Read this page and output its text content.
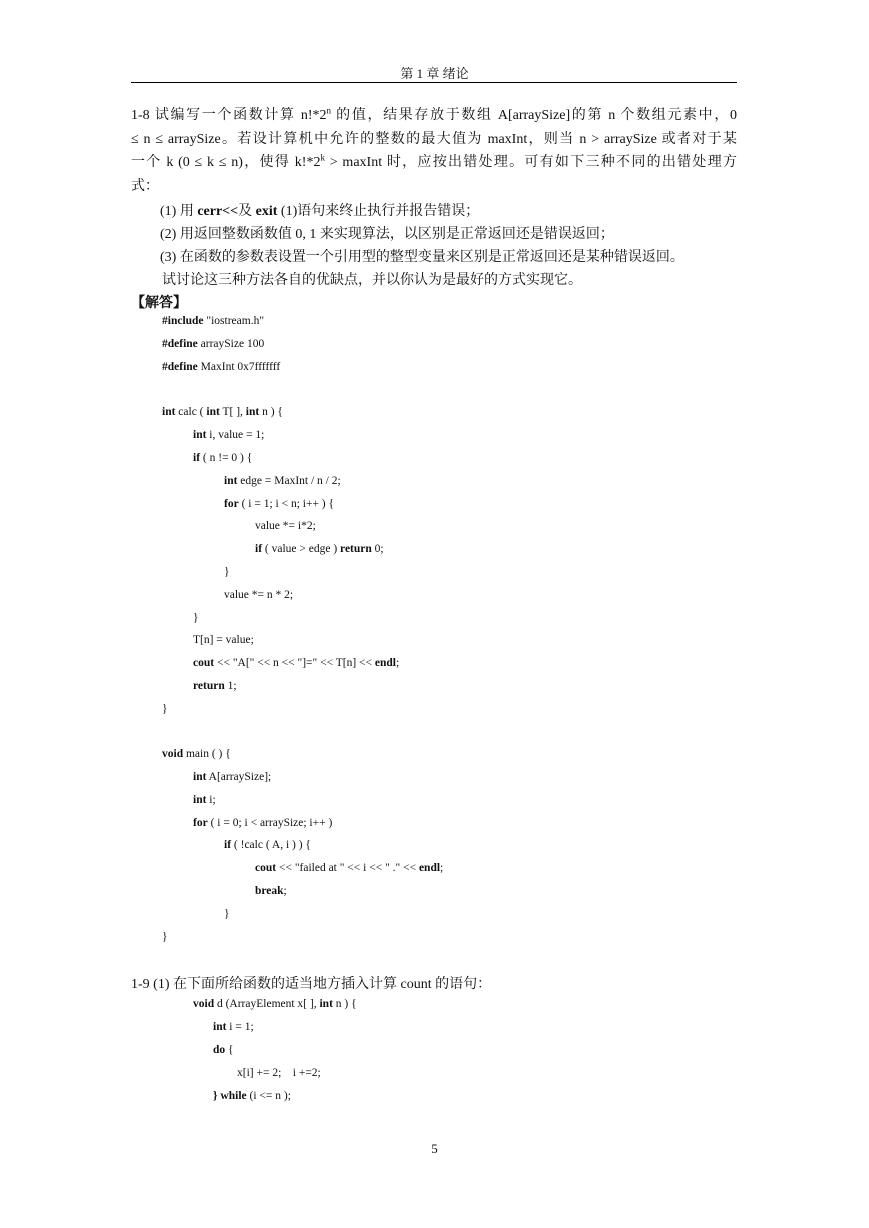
第 1 章 绪论
1-8 试编写一个函数计算 n!*2$^n$ 的值，结果存放于数组 A[arraySize]的第 n 个数组元素中，0
≤ n ≤ arraySize。若设计算机中允许的整数的最大值为 maxInt，则当 n > arraySize 或者对于某
一个 k (0 ≤ k ≤ n)，使得 $k!*2^k$ > maxInt 时，应按出错处理。可有如下三种不同的出错处理方
式：
(1) 用 cerr<<及 exit (1)语句来终止执行并报告错误；
(2) 用返回整数函数值 0, 1 来实现算法，以区别是正常返回还是错误返回；
(3) 在函数的参数表设置一个引用型的整型变量来区别是正常返回还是某种错误返回。
试讨论这三种方法各自的优缺点，并以你认为是最好的方式实现它。
【解答】
#include "iostream.h"
#define arraySize 100
#define MaxInt 0x7fffffff
int calc ( int T[ ], int n ) {
int i, value = 1;
if ( n != 0 ) {
int edge = MaxInt / n / 2;
for ( i = 1; i < n; i++ ) {
value *= i*2;
if ( value > edge ) return 0;
}
value *= n * 2;
}
T[n] = value;
cout << "A[" << n << "]=" << T[n] << endl;
return 1;
}
void main ( ) {
int A[arraySize];
int i;
for ( i = 0; i < arraySize; i++ )
if ( !calc ( A, i ) ) {
cout << "failed at " << i << " ." << endl;
break;
}
}
1-9 (1) 在下面所给函数的适当地方插入计算 count 的语句：
void d (ArrayElement x[ ], int n ) {
int i = 1;
do {
x[i] += 2;    i +=2;
} while (i <= n );
5
